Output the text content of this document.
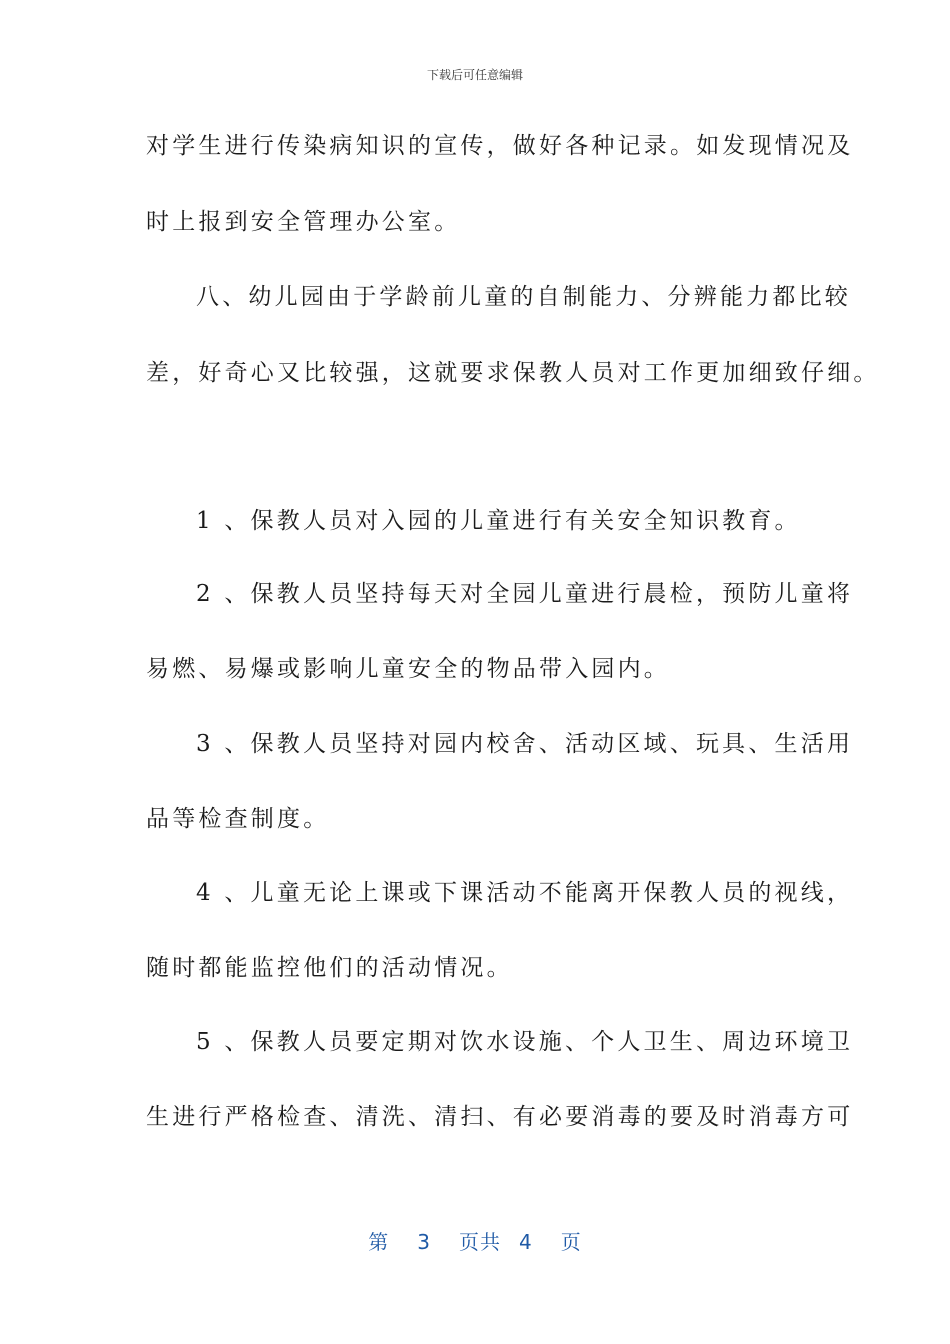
下载后可任意编辑
对学生进行传染病知识的宣传，做好各种记录。如发现情况及
时上报到安全管理办公室。
八、幼儿园由于学龄前儿童的自制能力、分辨能力都比较
差，好奇心又比较强，这就要求保教人员对工作更加细致仔细。
1 、保教人员对入园的儿童进行有关安全知识教育。
2 、保教人员坚持每天对全园儿童进行晨检，预防儿童将
易燃、易爆或影响儿童安全的物品带入园内。
3 、保教人员坚持对园内校舍、活动区域、玩具、生活用
品等检查制度。
4 、儿童无论上课或下课活动不能离开保教人员的视线，
随时都能监控他们的活动情况。
5 、保教人员要定期对饮水设施、个人卫生、周边环境卫
生进行严格检查、清洗、清扫、有必要消毒的要及时消毒方可
第 3 页共 4 页
